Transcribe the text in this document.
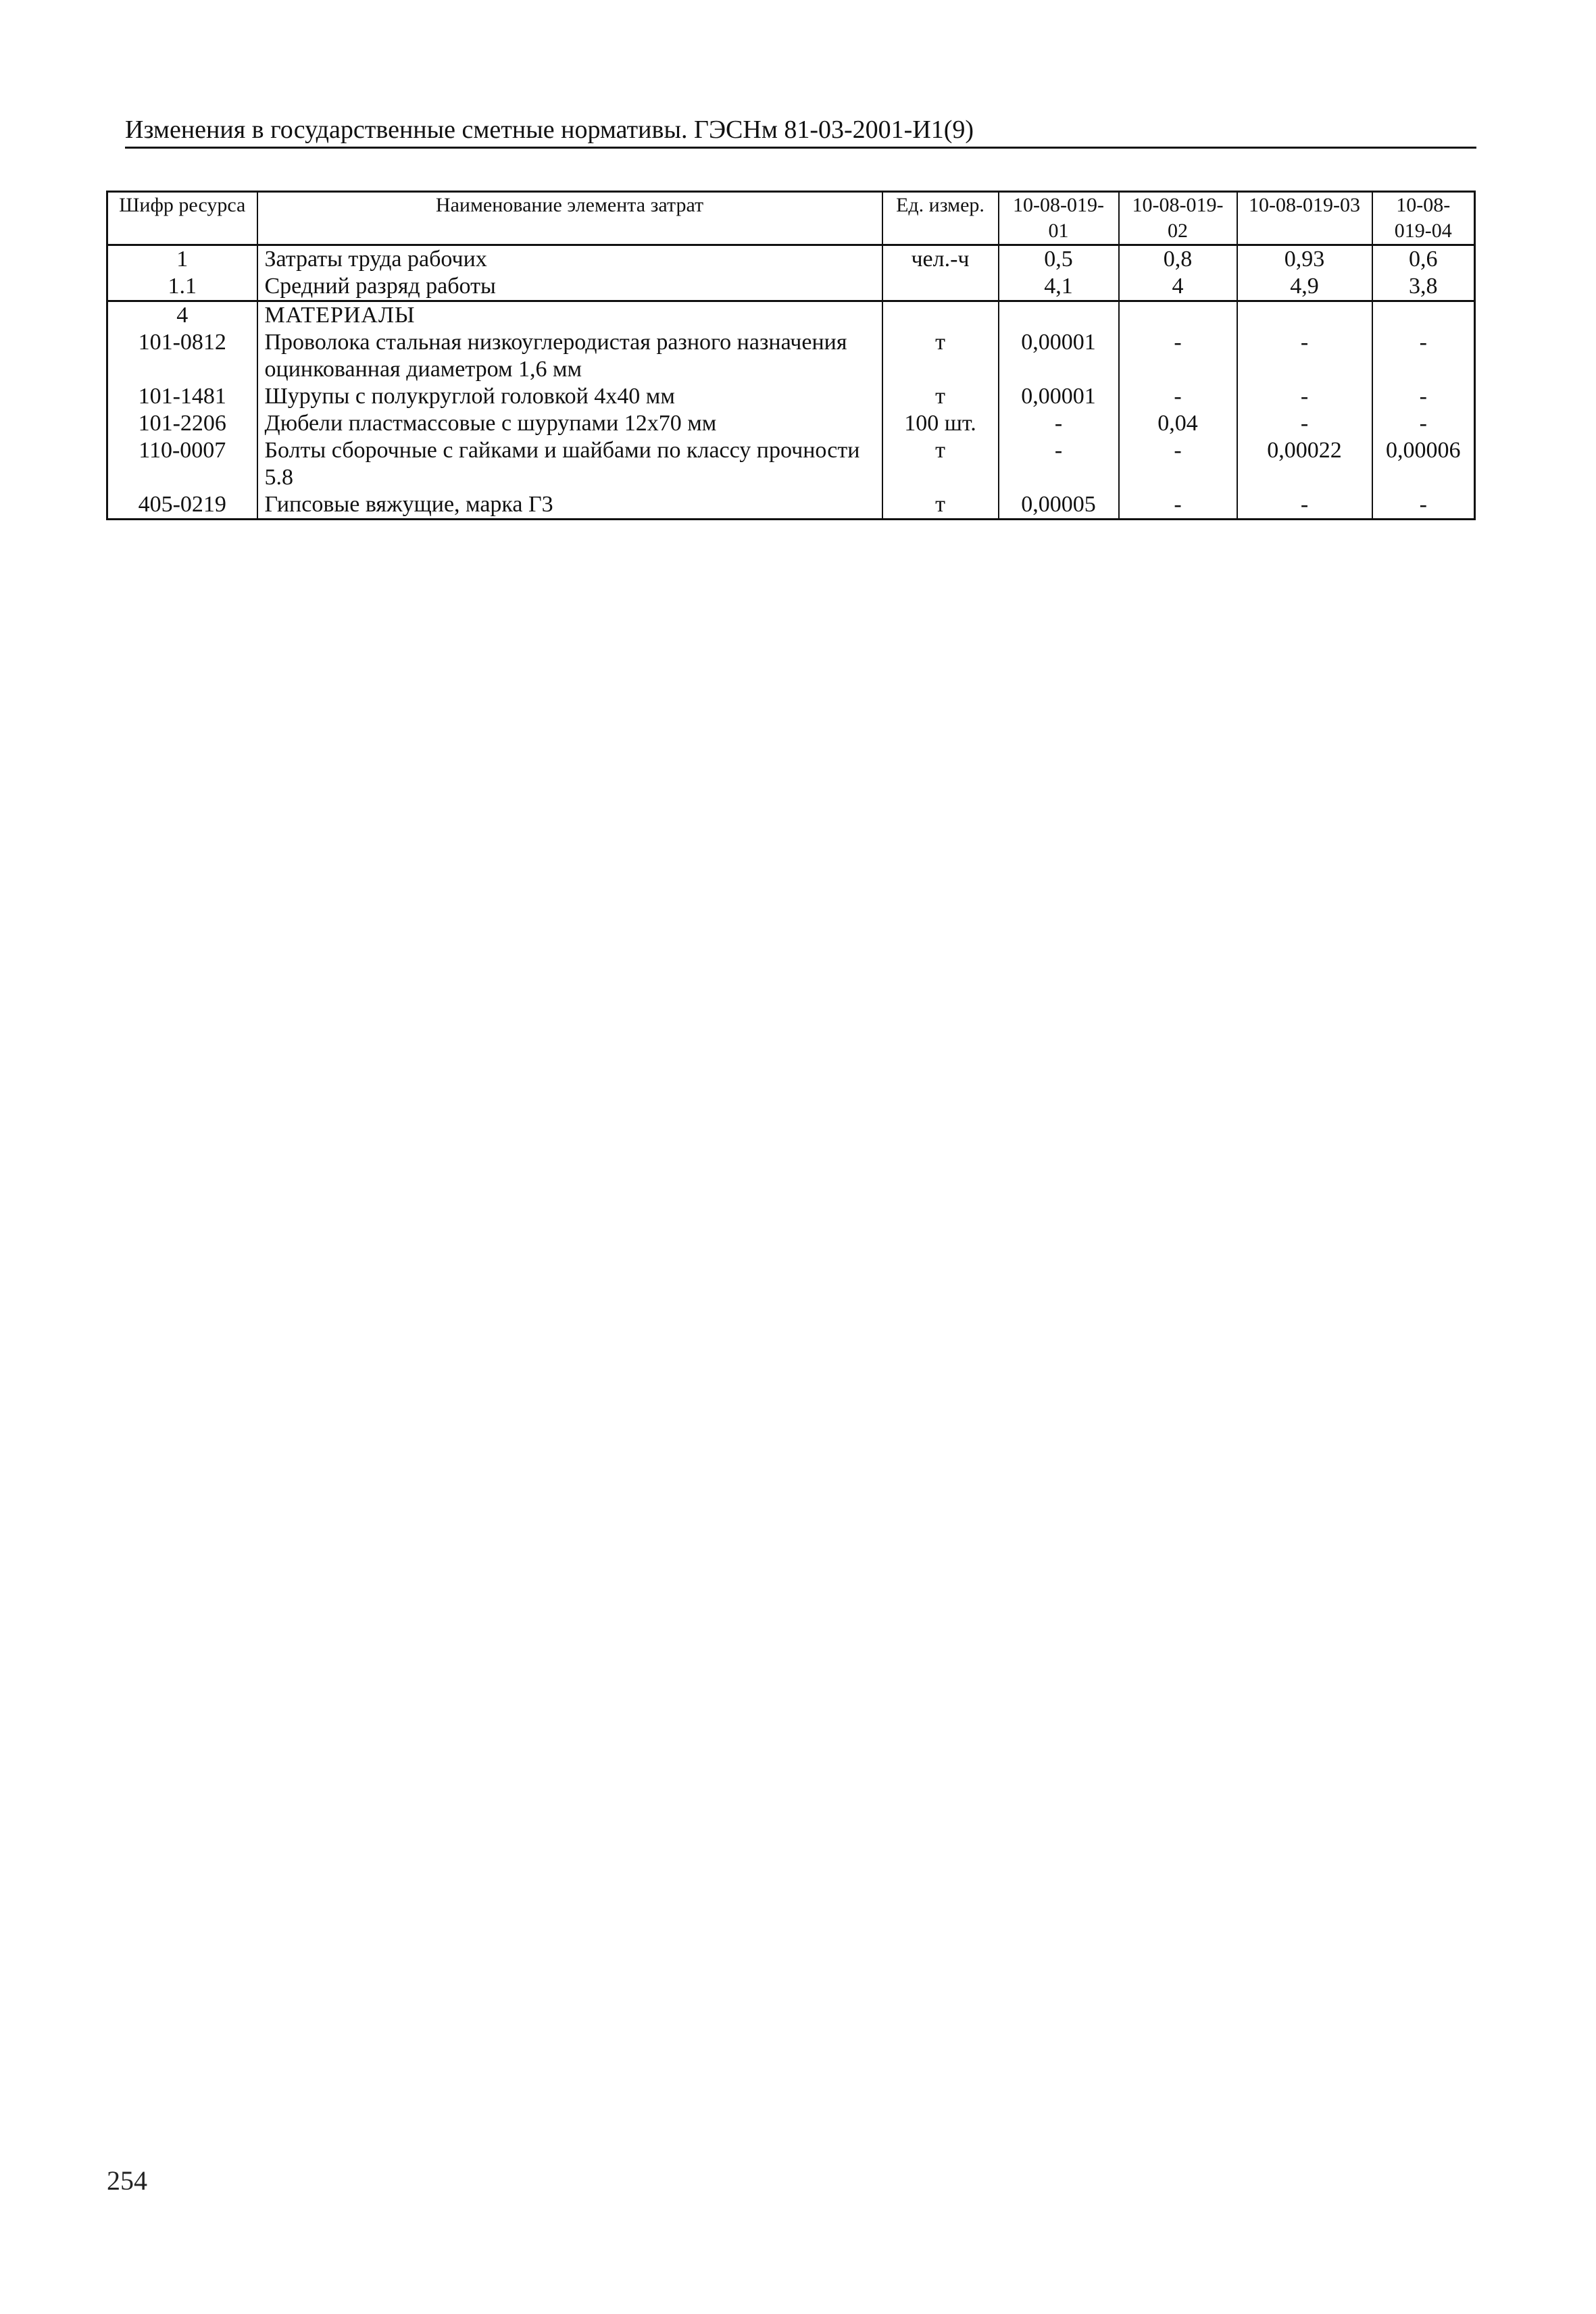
Изменения в государственные сметные нормативы. ГЭСНм 81-03-2001-И1(9)
Шифр ресурса	Наименование элемента затрат	Ед. измер.	10-08-019-01	10-08-019-02	10-08-019-03	10-08-019-04
1	Затраты труда рабочих	чел.-ч	0,5	0,8	0,93	0,6
1.1	Средний разряд работы		4,1	4	4,9	3,8
4	МАТЕРИАЛЫ					
101-0812	Проволока стальная низкоуглеродистая разного назначения оцинкованная диаметром 1,6 мм	т	0,00001	-	-	-
101-1481	Шурупы с полукруглой головкой 4x40 мм	т	0,00001	-	-	-
101-2206	Дюбели пластмассовые с шурупами 12x70 мм	100 шт.	-	0,04	-	-
110-0007	Болты сборочные с гайками и шайбами по классу прочности 5.8	т	-	-	0,00022	0,00006
405-0219	Гипсовые вяжущие, марка Г3	т	0,00005	-	-	-
254
